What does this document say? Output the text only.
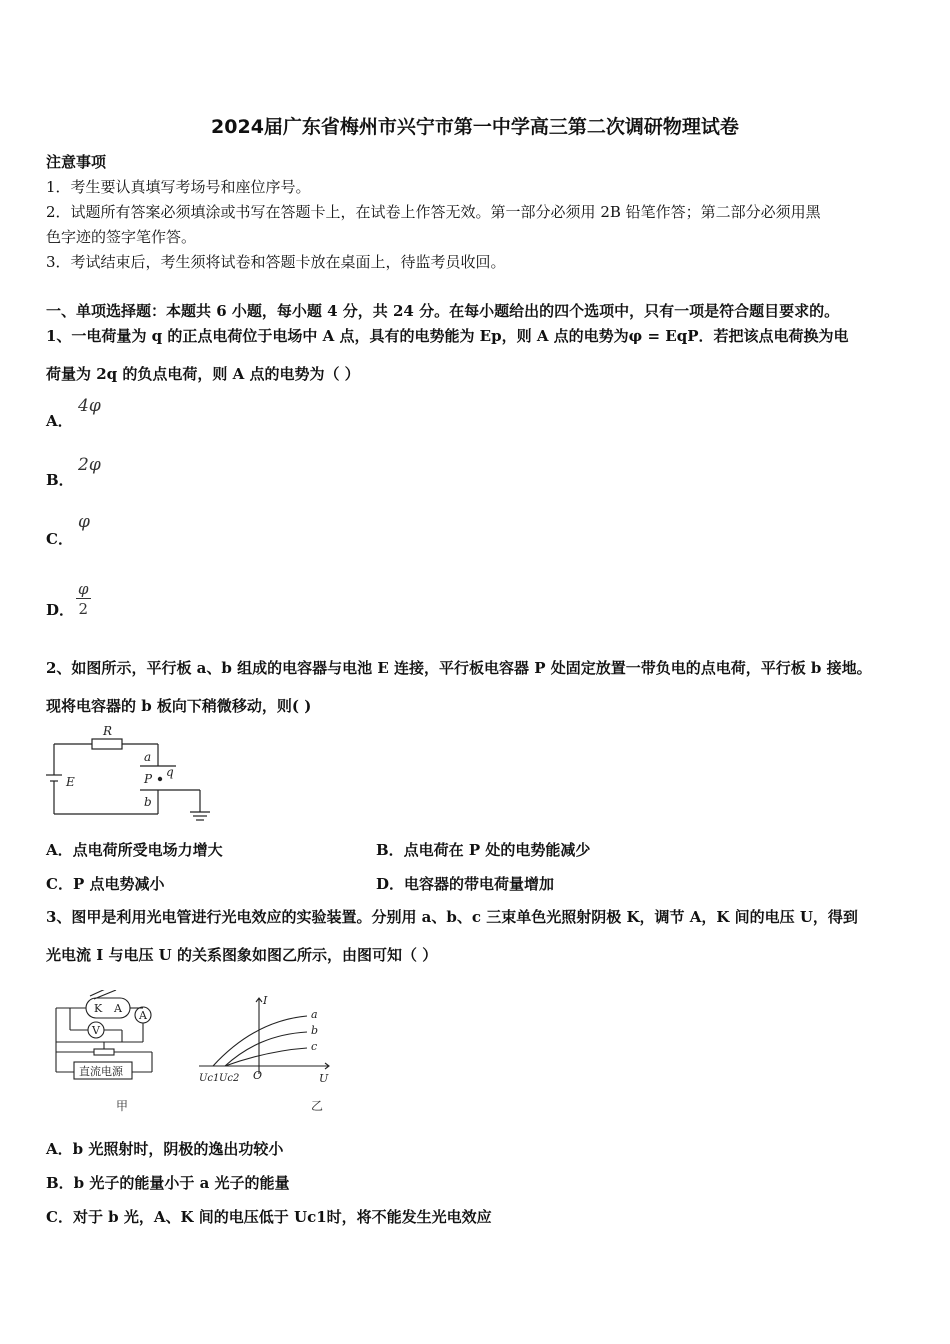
2024届广东省梅州市兴宁市第一中学高三第二次调研物理试卷
注意事项
1．考生要认真填写考场号和座位序号。
2．试题所有答案必须填涂或书写在答题卡上，在试卷上作答无效。第一部分必须用 2B 铅笔作答；第二部分必须用黑
色字迹的签字笔作答。
3．考试结束后，考生须将试卷和答题卡放在桌面上，待监考员收回。
一、单项选择题：本题共 6 小题，每小题 4 分，共 24 分。在每小题给出的四个选项中，只有一项是符合题目要求的。
1、一电荷量为 q 的正点电荷位于电场中 A 点，具有的电势能为 Ep，则 A 点的电势为φ = EqP．若把该点电荷换为电
荷量为 2q 的负点电荷，则 A 点的电势为（ ）
A．
4φ
B．
2φ
C．
φ
D． $\frac{\varphi}{2}$
2、如图所示，平行板 a、b 组成的电容器与电池 E 连接，平行板电容器 P 处固定放置一带负电的点电荷，平行板 b 接地。
现将电容器的 b 板向下稍微移动，则( )
R
E
a
b
P q
A．点电荷所受电场力增大	B．点电荷在 P 处的电势能减少
C．P 点电势减小	D．电容器的带电荷量增加
3、图甲是利用光电管进行光电效应的实验装置。分别用 a、b、c 三束单色光照射阴极 K，调节 A，K 间的电压 U，得到
光电流 I 与电压 U 的关系图象如图乙所示，由图可知（ ）
K A
A
V
直流电源
甲
I
U
O
a
b
c
Uc1 Uc2
乙
A．b 光照射时，阴极的逸出功较小
B．b 光子的能量小于 a 光子的能量
C．对于 b 光，A、K 间的电压低于 Uc1时，将不能发生光电效应
